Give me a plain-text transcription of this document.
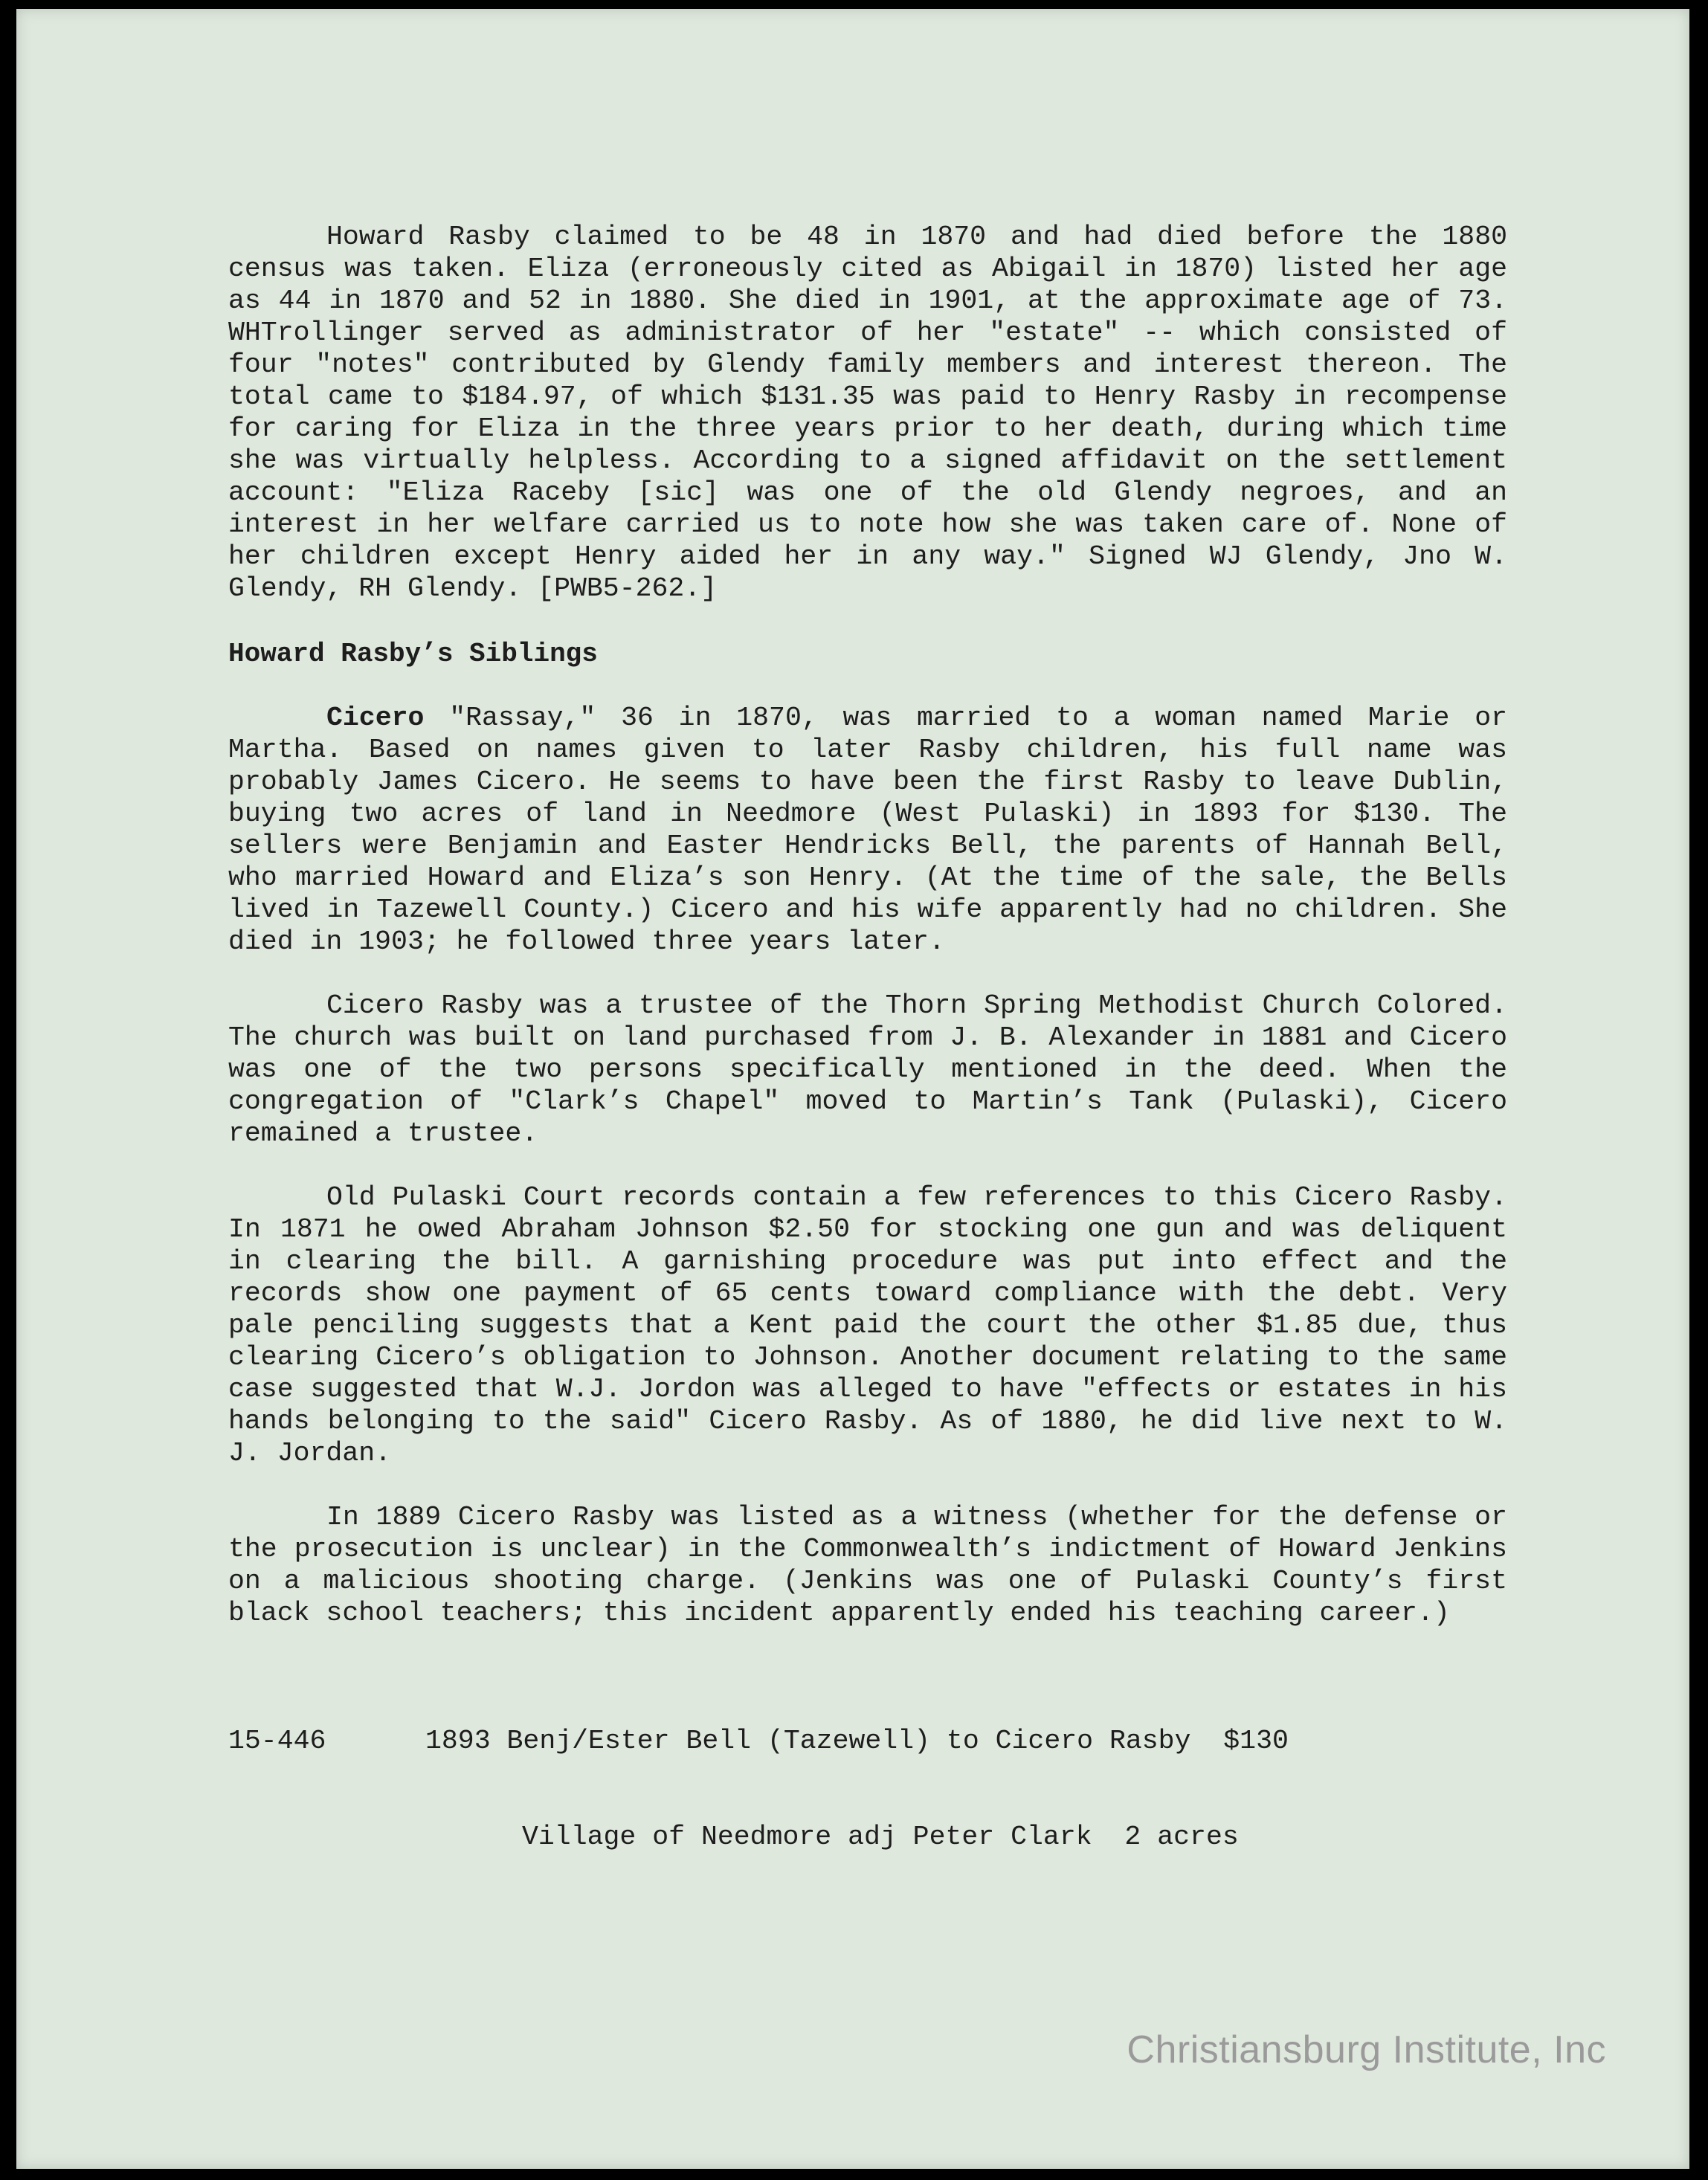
Howard Rasby claimed to be 48 in 1870 and had died before the 1880 census was taken. Eliza (erroneously cited as Abigail in 1870) listed her age as 44 in 1870 and 52 in 1880. She died in 1901, at the approximate age of 73. WHTrollinger served as administrator of her "estate" -- which consisted of four "notes" contributed by Glendy family members and interest thereon. The total came to $184.97, of which $131.35 was paid to Henry Rasby in recompense for caring for Eliza in the three years prior to her death, during which time she was virtually helpless. According to a signed affidavit on the settlement account: "Eliza Raceby [sic] was one of the old Glendy negroes, and an interest in her welfare carried us to note how she was taken care of. None of her children except Henry aided her in any way." Signed WJ Glendy, Jno W. Glendy, RH Glendy. [PWB5-262.]

Howard Rasby’s Siblings

Cicero "Rassay," 36 in 1870, was married to a woman named Marie or Martha. Based on names given to later Rasby children, his full name was probably James Cicero. He seems to have been the first Rasby to leave Dublin, buying two acres of land in Needmore (West Pulaski) in 1893 for $130. The sellers were Benjamin and Easter Hendricks Bell, the parents of Hannah Bell, who married Howard and Eliza’s son Henry. (At the time of the sale, the Bells lived in Tazewell County.) Cicero and his wife apparently had no children. She died in 1903; he followed three years later.

Cicero Rasby was a trustee of the Thorn Spring Methodist Church Colored. The church was built on land purchased from J. B. Alexander in 1881 and Cicero was one of the two persons specifically mentioned in the deed. When the congregation of "Clark’s Chapel" moved to Martin’s Tank (Pulaski), Cicero remained a trustee.

Old Pulaski Court records contain a few references to this Cicero Rasby. In 1871 he owed Abraham Johnson $2.50 for stocking one gun and was deliquent in clearing the bill. A garnishing procedure was put into effect and the records show one payment of 65 cents toward compliance with the debt. Very pale penciling suggests that a Kent paid the court the other $1.85 due, thus clearing Cicero’s obligation to Johnson. Another document relating to the same case suggested that W.J. Jordon was alleged to have "effects or estates in his hands belonging to the said" Cicero Rasby. As of 1880, he did live next to W. J. Jordan.

In 1889 Cicero Rasby was listed as a witness (whether for the defense or the prosecution is unclear) in the Commonwealth’s indictment of Howard Jenkins on a malicious shooting charge. (Jenkins was one of Pulaski County’s first black school teachers; this incident apparently ended his teaching career.)

15-446	1893 Benj/Ester Bell (Tazewell) to Cicero Rasby  $130

Village of Needmore adj Peter Clark  2 acres

Christiansburg Institute, Inc
